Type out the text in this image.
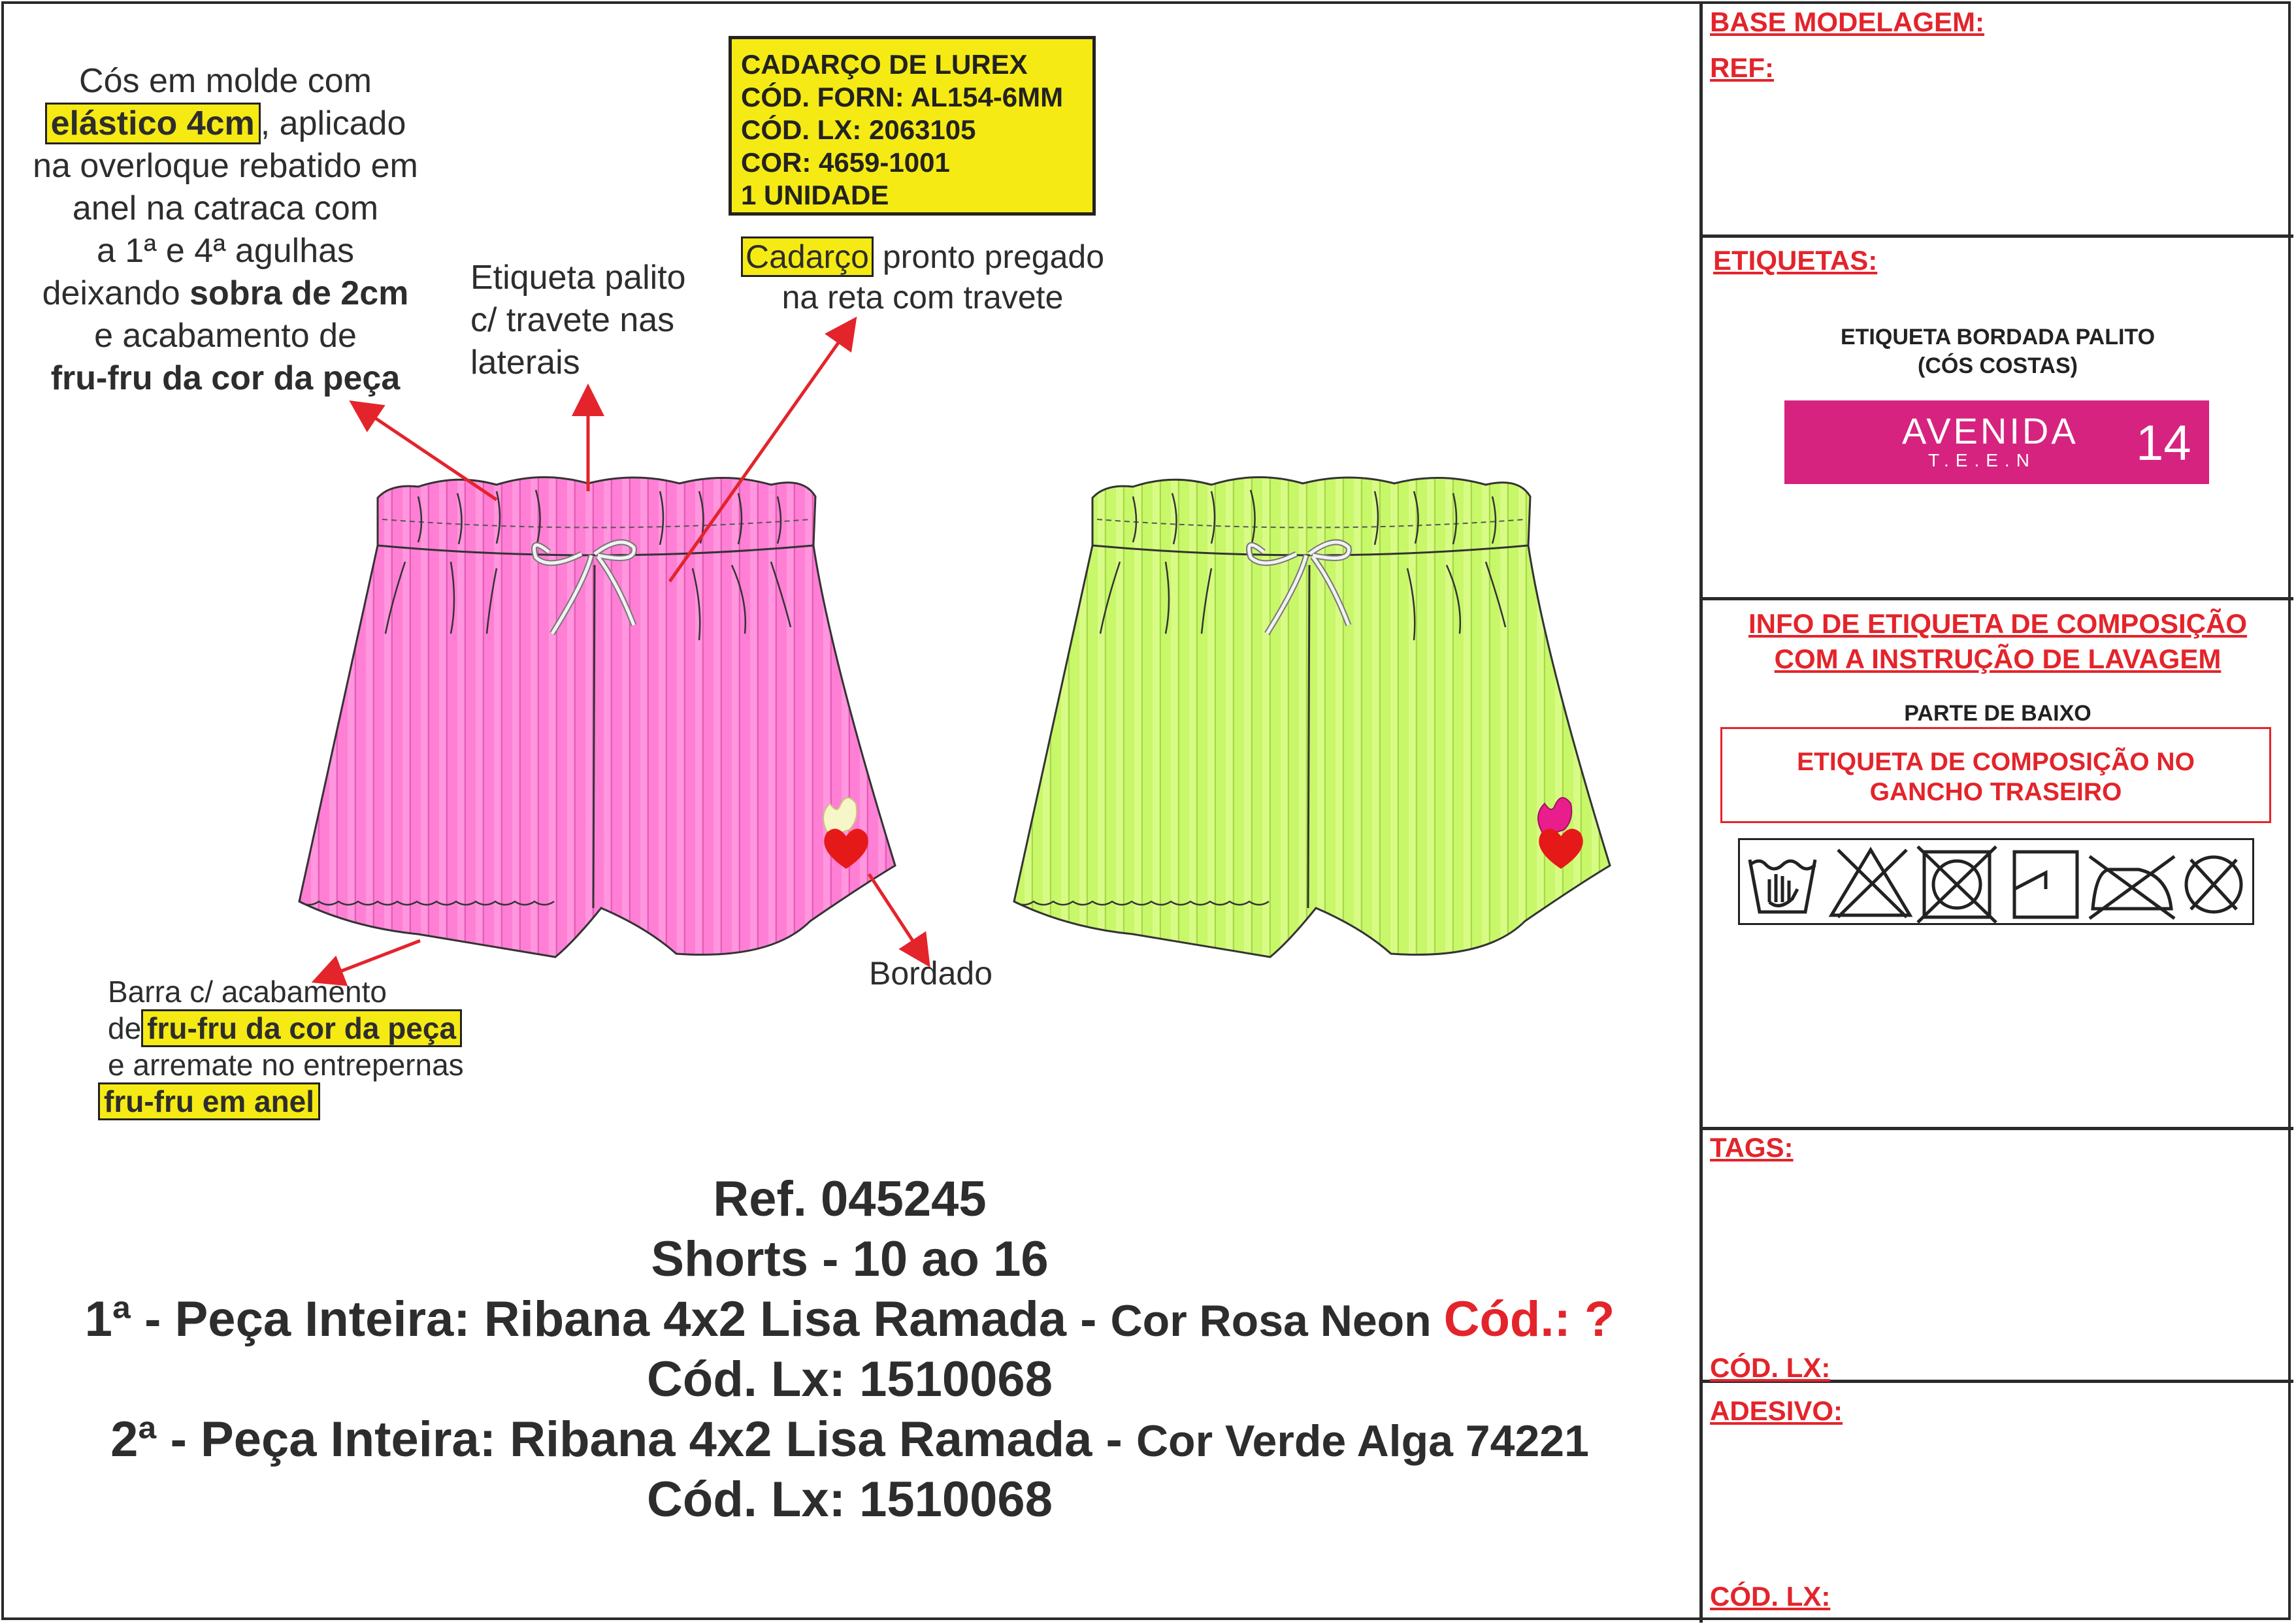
Cós em molde com
elástico 4cm , aplicado
na overloque rebatido em
anel na catraca com
a 1ª e 4ª agulhas
deixando sobra de 2cm
e acabamento de
fru-fru da cor da peça
Etiqueta palito
c/ travete nas
laterais
CADARÇO DE LUREX
CÓD. FORN: AL154-6MM
CÓD. LX: 2063105
COR: 4659-1001
1 UNIDADE
Cadarço pronto pregado
na reta com travete
Barra c/ acabamento
de fru-fru da cor da peça
e arremate no entrepernas
fru-fru em anel
Bordado
Ref. 045245
Shorts - 10 ao 16
1ª - Peça Inteira: Ribana 4x2 Lisa Ramada - Cor Rosa Neon Cód.: ?
Cód. Lx: 1510068
2ª - Peça Inteira: Ribana 4x2 Lisa Ramada - Cor Verde Alga 74221
Cód. Lx: 1510068
BASE MODELAGEM:
REF:
ETIQUETAS:
ETIQUETA BORDADA PALITO
(CÓS COSTAS)
AVENIDA
T.E.E.N 14
INFO DE ETIQUETA DE COMPOSIÇÃO
COM A INSTRUÇÃO DE LAVAGEM
PARTE DE BAIXO
ETIQUETA DE COMPOSIÇÃO NO
GANCHO TRASEIRO
TAGS:
CÓD. LX:
ADESIVO:
CÓD. LX:
